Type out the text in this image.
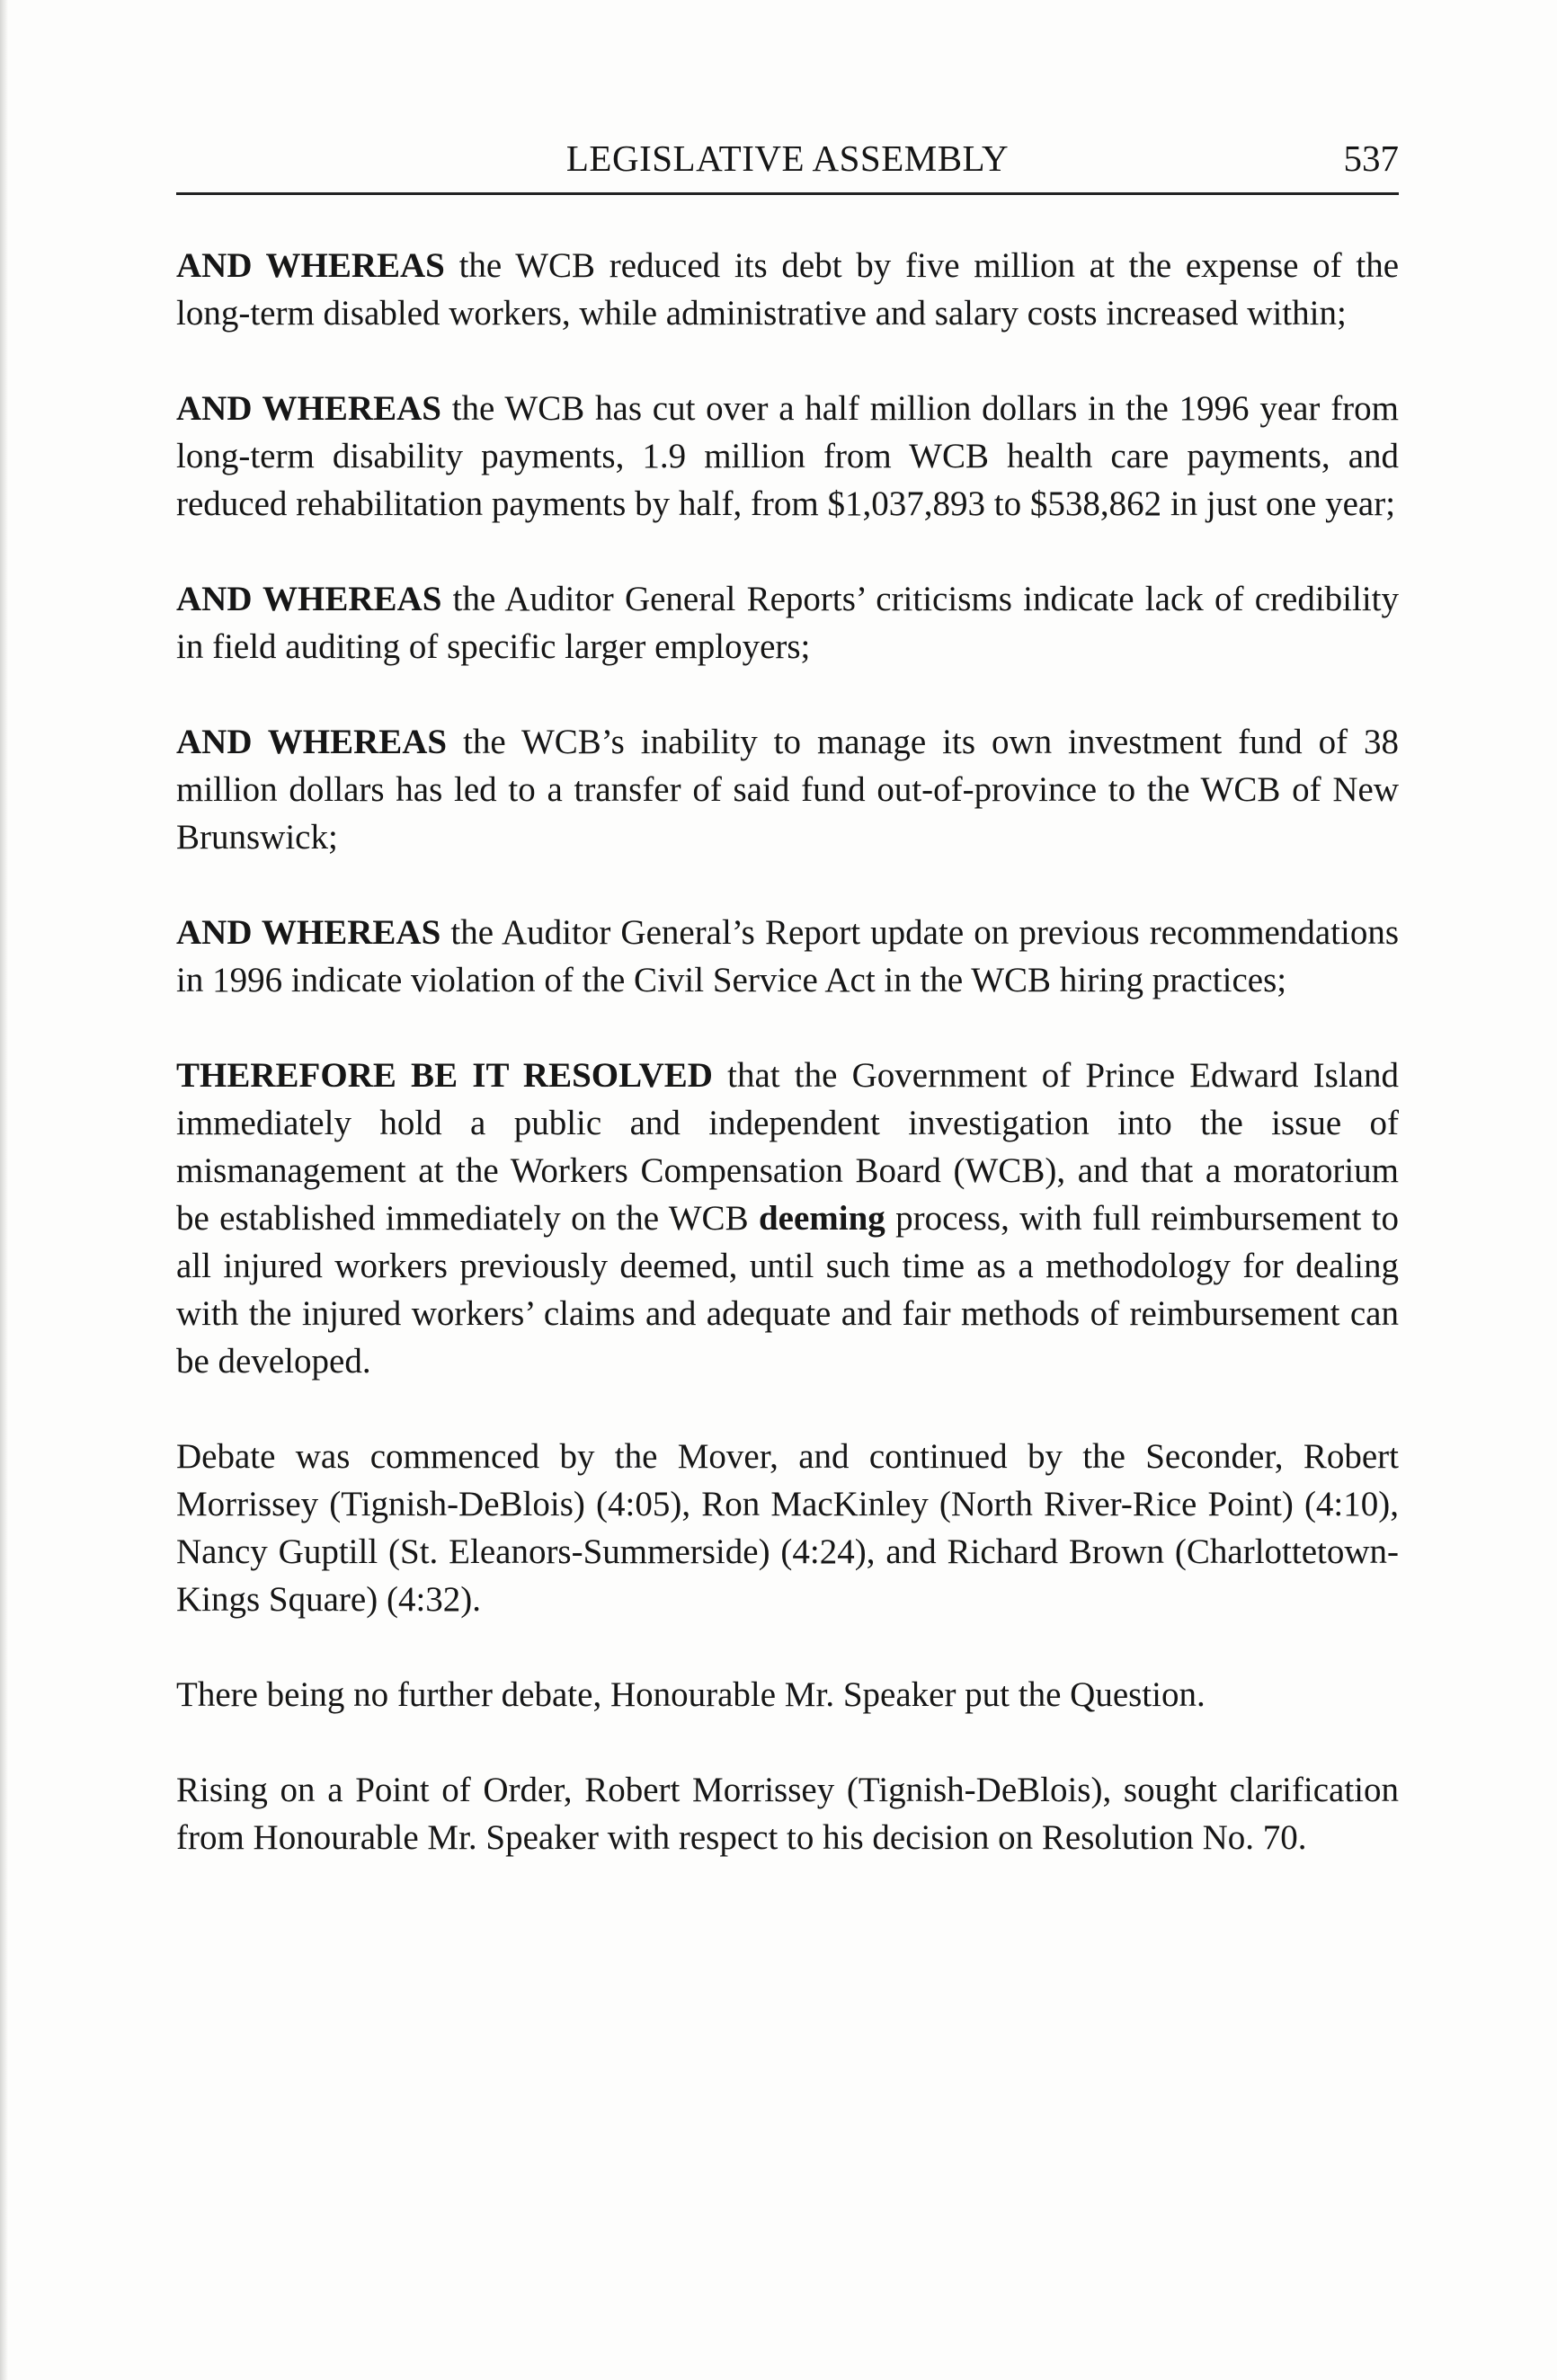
LEGISLATIVE ASSEMBLY	537

AND WHEREAS the WCB reduced its debt by five million at the expense of the long-term disabled workers, while administrative and salary costs increased within;

AND WHEREAS the WCB has cut over a half million dollars in the 1996 year from long-term disability payments, 1.9 million from WCB health care payments, and reduced rehabilitation payments by half, from $1,037,893 to $538,862 in just one year;

AND WHEREAS the Auditor General Reports’ criticisms indicate lack of credibility in field auditing of specific larger employers;

AND WHEREAS the WCB’s inability to manage its own investment fund of 38 million dollars has led to a transfer of said fund out-of-province to the WCB of New Brunswick;

AND WHEREAS the Auditor General’s Report update on previous recommendations in 1996 indicate violation of the Civil Service Act in the WCB hiring practices;

THEREFORE BE IT RESOLVED that the Government of Prince Edward Island immediately hold a public and independent investigation into the issue of mismanagement at the Workers Compensation Board (WCB), and that a moratorium be established immediately on the WCB deeming process, with full reimbursement to all injured workers previously deemed, until such time as a methodology for dealing with the injured workers’ claims and adequate and fair methods of reimbursement can be developed.

Debate was commenced by the Mover, and continued by the Seconder, Robert Morrissey (Tignish-DeBlois) (4:05), Ron MacKinley (North River-Rice Point) (4:10), Nancy Guptill (St. Eleanors-Summerside) (4:24), and Richard Brown (Charlottetown-Kings Square) (4:32).

There being no further debate, Honourable Mr. Speaker put the Question.

Rising on a Point of Order, Robert Morrissey (Tignish-DeBlois), sought clarification from Honourable Mr. Speaker with respect to his decision on Resolution No. 70.
